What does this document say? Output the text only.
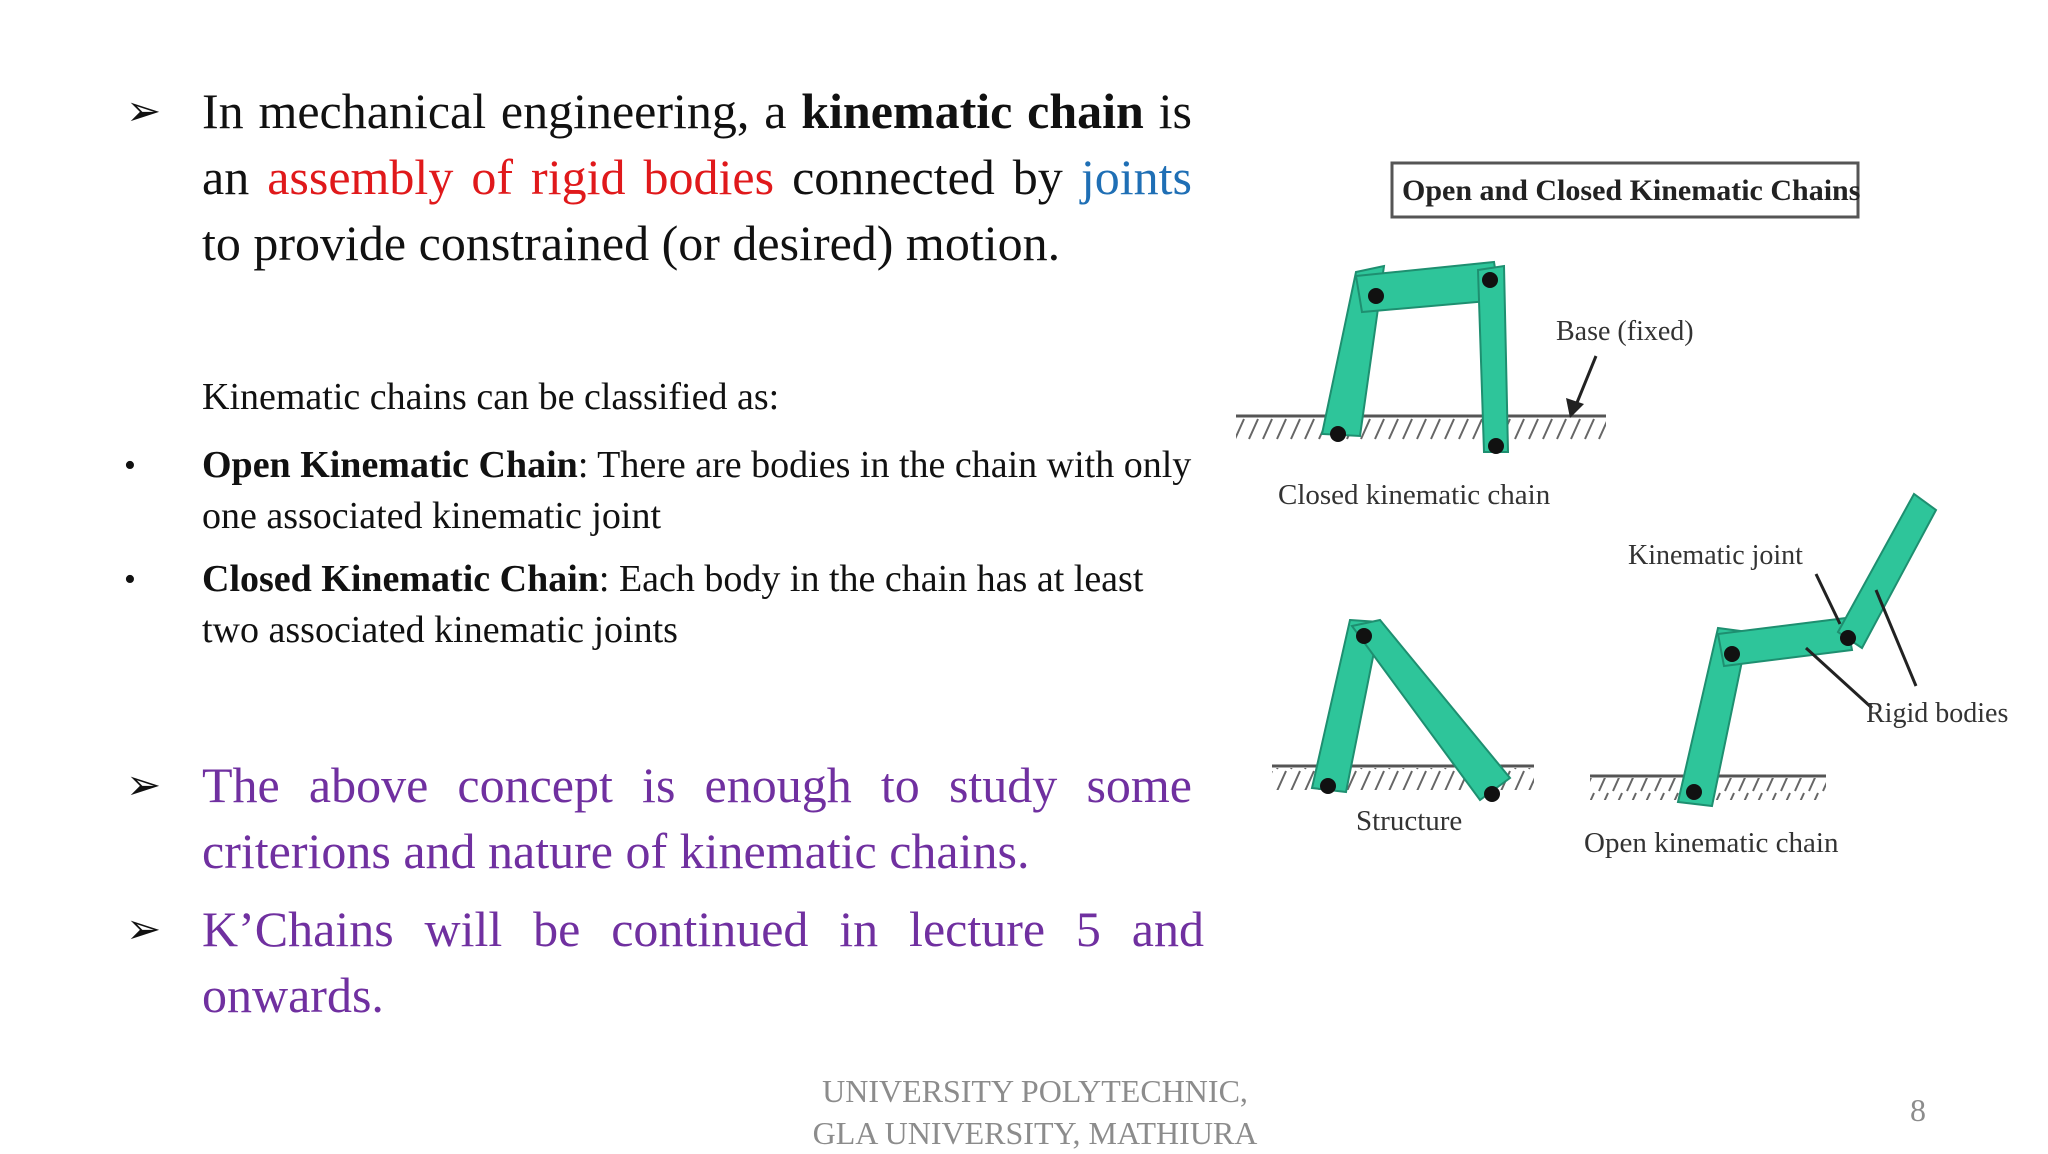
➢ In mechanical engineering, a kinematic chain is an assembly of rigid bodies connected by joints to provide constrained (or desired) motion.
Kinematic chains can be classified as:
• Open Kinematic Chain: There are bodies in the chain with only one associated kinematic joint
• Closed Kinematic Chain: Each body in the chain has at least two associated kinematic joints
➢ The above concept is enough to study some criterions and nature of kinematic chains.
➢ K’Chains will be continued in lecture 5 and onwards.
UNIVERSITY POLYTECHNIC,
GLA UNIVERSITY, MATHIURA
8
Open and Closed Kinematic Chains
Base (fixed)
Closed kinematic chain
Structure
Kinematic joint
Rigid bodies
Open kinematic chain
